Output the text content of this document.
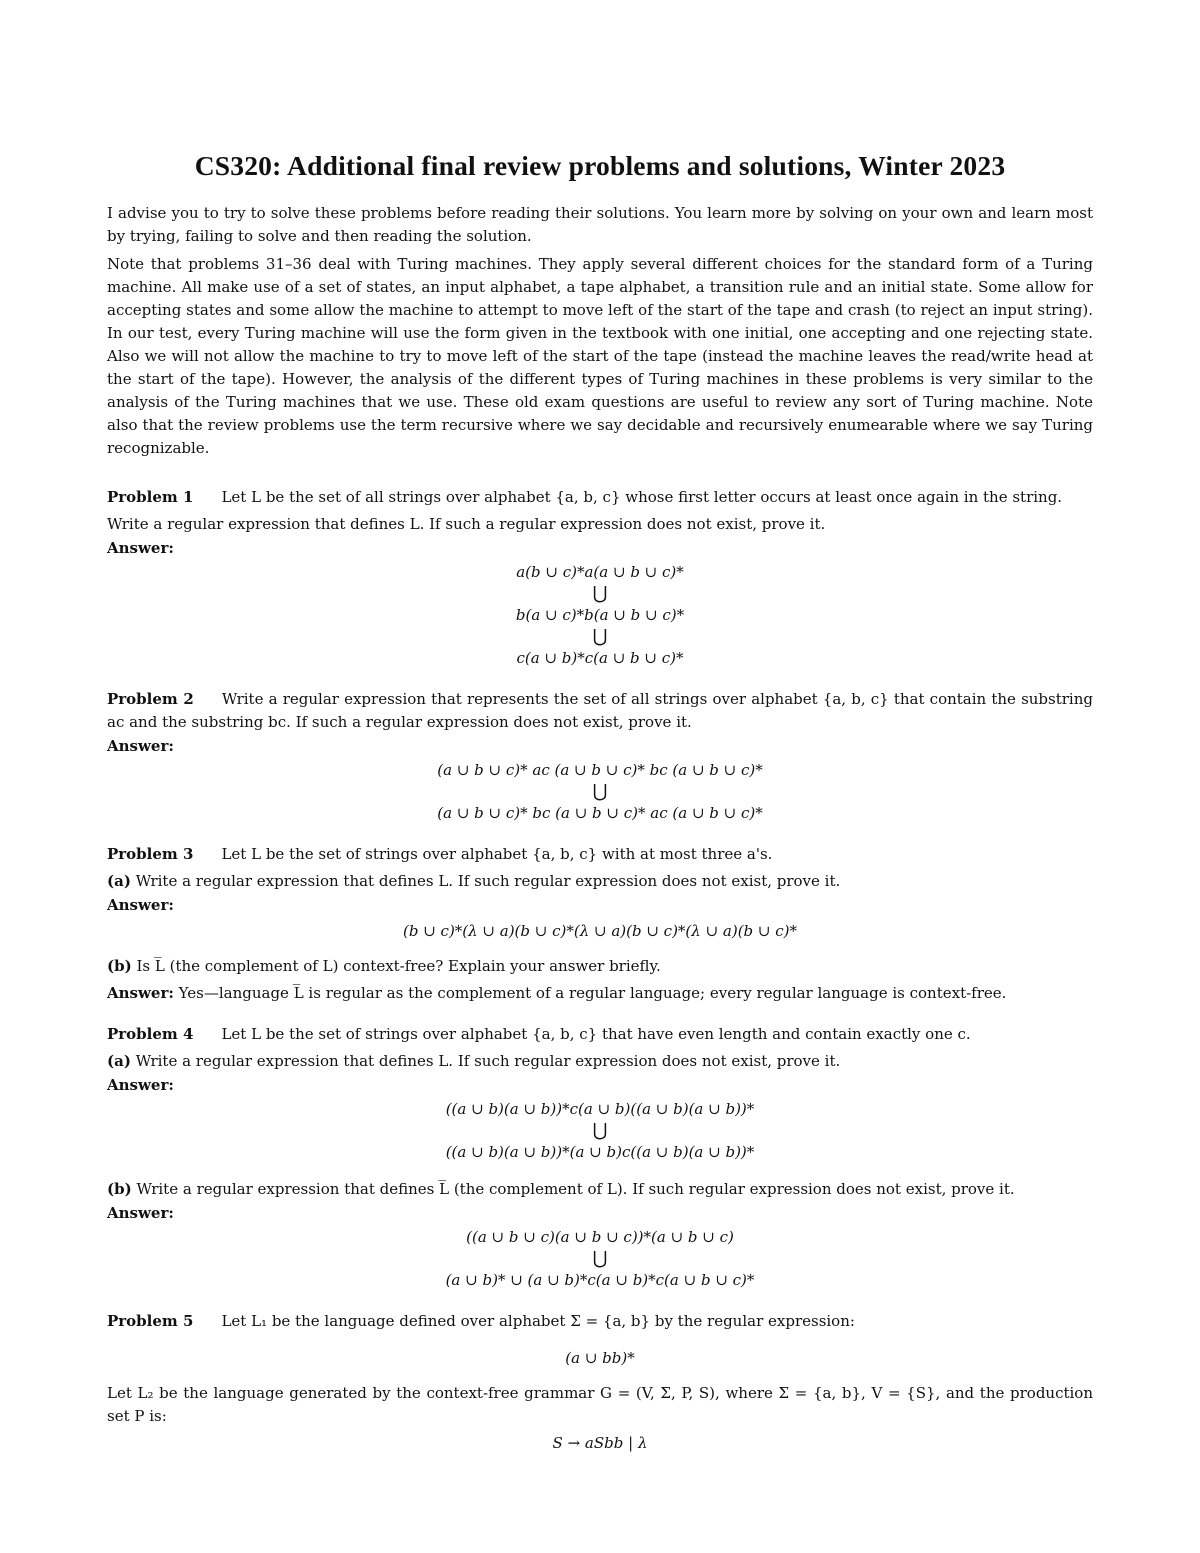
CS320: Additional final review problems and solutions, Winter 2023

I advise you to try to solve these problems before reading their solutions. You learn more by solving on your own and learn most by trying, failing to solve and then reading the solution.

Note that problems 31–36 deal with Turing machines. They apply several different choices for the standard form of a Turing machine. All make use of a set of states, an input alphabet, a tape alphabet, a transition rule and an initial state. Some allow for accepting states and some allow the machine to attempt to move left of the start of the tape and crash (to reject an input string). In our test, every Turing machine will use the form given in the textbook with one initial, one accepting and one rejecting state. Also we will not allow the machine to try to move left of the start of the tape (instead the machine leaves the read/write head at the start of the tape). However, the analysis of the different types of Turing machines in these problems is very similar to the analysis of the Turing machines that we use. These old exam questions are useful to review any sort of Turing machine. Note also that the review problems use the term recursive where we say decidable and recursively enumearable where we say Turing recognizable.

Problem 1 Let L be the set of all strings over alphabet {a, b, c} whose first letter occurs at least once again in the string.

Write a regular expression that defines L. If such a regular expression does not exist, prove it.

Answer:
a(b ∪ c)*a(a ∪ b ∪ c)*
⋃
b(a ∪ c)*b(a ∪ b ∪ c)*
⋃
c(a ∪ b)*c(a ∪ b ∪ c)*

Problem 2 Write a regular expression that represents the set of all strings over alphabet {a, b, c} that contain the substring ac and the substring bc. If such a regular expression does not exist, prove it.

Answer:
(a ∪ b ∪ c)* ac (a ∪ b ∪ c)* bc (a ∪ b ∪ c)*
⋃
(a ∪ b ∪ c)* bc (a ∪ b ∪ c)* ac (a ∪ b ∪ c)*

Problem 3 Let L be the set of strings over alphabet {a, b, c} with at most three a's.

(a) Write a regular expression that defines L. If such regular expression does not exist, prove it.

Answer:
(b ∪ c)*(λ ∪ a)(b ∪ c)*(λ ∪ a)(b ∪ c)*(λ ∪ a)(b ∪ c)*

(b) Is L̅ (the complement of L) context-free? Explain your answer briefly.

Answer: Yes—language L̅ is regular as the complement of a regular language; every regular language is context-free.

Problem 4 Let L be the set of strings over alphabet {a, b, c} that have even length and contain exactly one c.

(a) Write a regular expression that defines L. If such regular expression does not exist, prove it.

Answer:
((a ∪ b)(a ∪ b))*c(a ∪ b)((a ∪ b)(a ∪ b))*
⋃
((a ∪ b)(a ∪ b))*(a ∪ b)c((a ∪ b)(a ∪ b))*

(b) Write a regular expression that defines L̅ (the complement of L). If such regular expression does not exist, prove it.

Answer:
((a ∪ b ∪ c)(a ∪ b ∪ c))*(a ∪ b ∪ c)
⋃
(a ∪ b)* ∪ (a ∪ b)*c(a ∪ b)*c(a ∪ b ∪ c)*

Problem 5 Let L₁ be the language defined over alphabet Σ = {a, b} by the regular expression:

(a ∪ bb)*

Let L₂ be the language generated by the context-free grammar G = (V, Σ, P, S), where Σ = {a, b}, V = {S}, and the production set P is:

S → aSbb | λ
